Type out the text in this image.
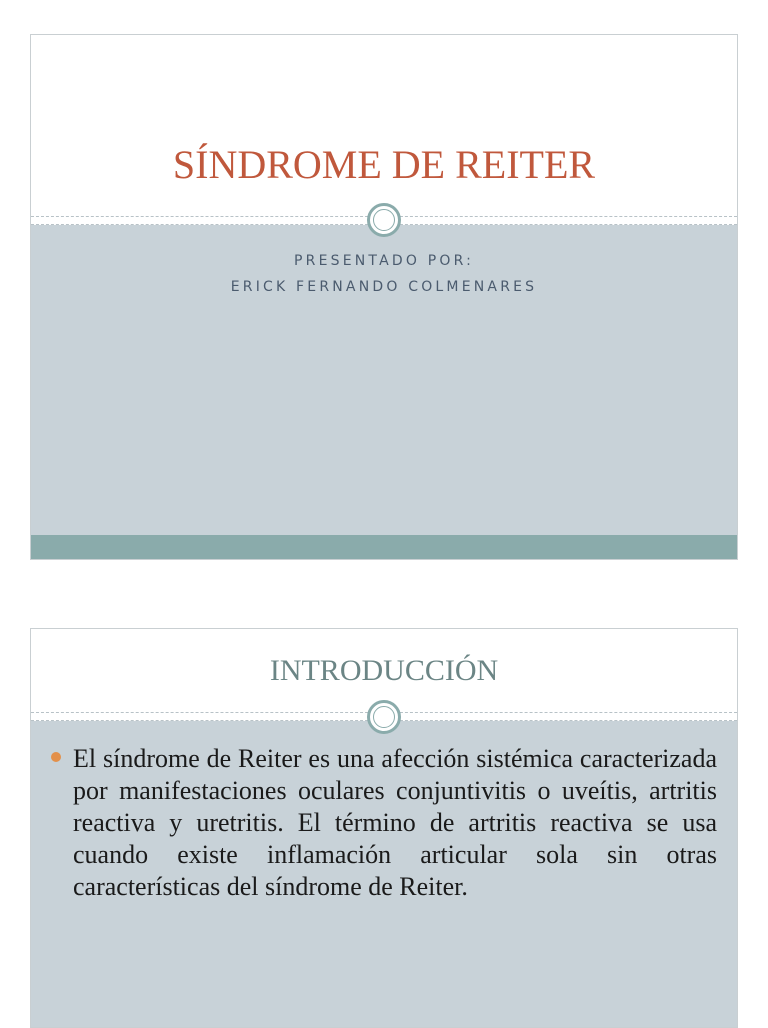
SÍNDROME DE REITER
PRESENTADO POR:
ERICK FERNANDO COLMENARES
INTRODUCCIÓN
El síndrome de Reiter es una afección sistémica caracterizada por manifestaciones oculares conjuntivitis o uveítis, artritis reactiva y uretritis. El término de artritis reactiva se usa cuando existe inflamación articular sola sin otras características del síndrome de Reiter.
